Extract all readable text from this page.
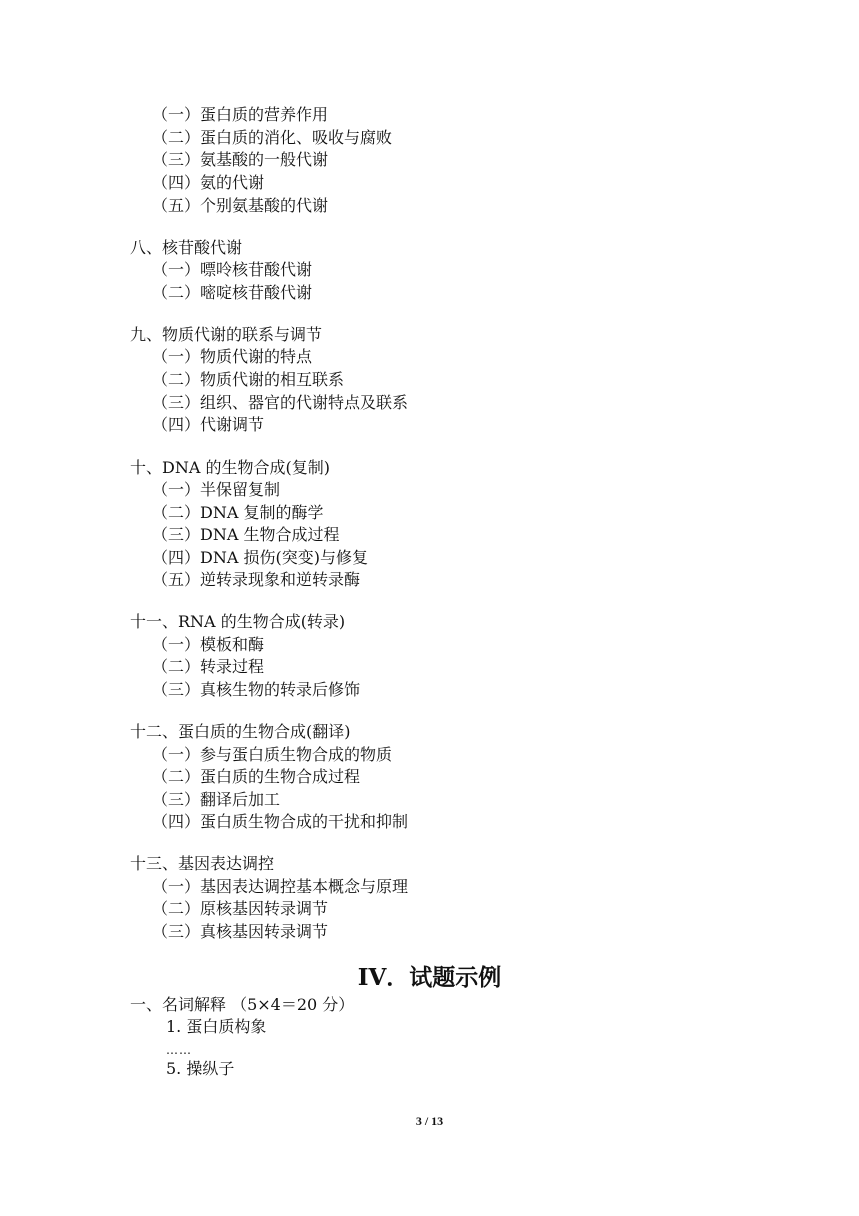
（一）蛋白质的营养作用
（二）蛋白质的消化、吸收与腐败
（三）氨基酸的一般代谢
（四）氨的代谢
（五）个别氨基酸的代谢
八、核苷酸代谢
（一）嘌呤核苷酸代谢
（二）嘧啶核苷酸代谢
九、物质代谢的联系与调节
（一）物质代谢的特点
（二）物质代谢的相互联系
（三）组织、器官的代谢特点及联系
（四）代谢调节
十、DNA 的生物合成(复制)
（一）半保留复制
（二）DNA 复制的酶学
（三）DNA 生物合成过程
（四）DNA 损伤(突变)与修复
（五）逆转录现象和逆转录酶
十一、RNA 的生物合成(转录)
（一）模板和酶
（二）转录过程
（三）真核生物的转录后修饰
十二、蛋白质的生物合成(翻译)
（一）参与蛋白质生物合成的物质
（二）蛋白质的生物合成过程
（三）翻译后加工
（四）蛋白质生物合成的干扰和抑制
十三、基因表达调控
（一）基因表达调控基本概念与原理
（二）原核基因转录调节
（三）真核基因转录调节
IV．试题示例
一、名词解释 （5×4＝20 分）
1. 蛋白质构象
……
5. 操纵子
3 / 13
